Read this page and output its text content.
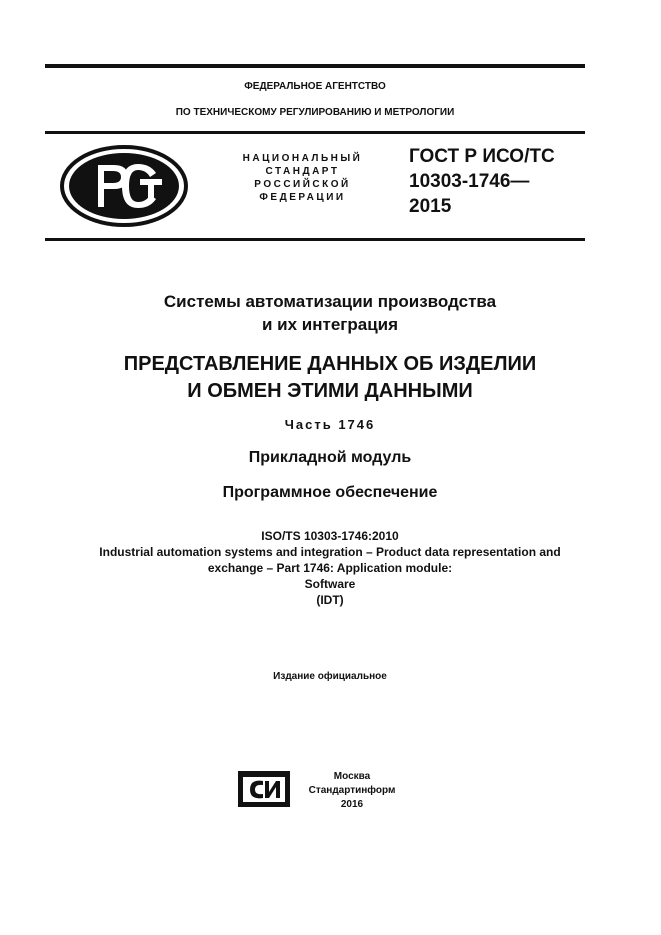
ФЕДЕРАЛЬНОЕ АГЕНТСТВО
ПО ТЕХНИЧЕСКОМУ РЕГУЛИРОВАНИЮ И МЕТРОЛОГИИ
НАЦИОНАЛЬНЫЙ
СТАНДАРТ
РОССИЙСКОЙ
ФЕДЕРАЦИИ
ГОСТ Р ИСО/ТС
10303-1746—
2015
Системы автоматизации производства
и их интеграция
ПРЕДСТАВЛЕНИЕ ДАННЫХ ОБ ИЗДЕЛИИ
И ОБМЕН ЭТИМИ ДАННЫМИ
Часть 1746
Прикладной модуль
Программное обеспечение
ISO/TS 10303-1746:2010
Industrial automation systems and integration – Product data representation and
exchange – Part 1746: Application module:
Software
(IDT)
Издание официальное
Москва
Стандартинформ
2016
